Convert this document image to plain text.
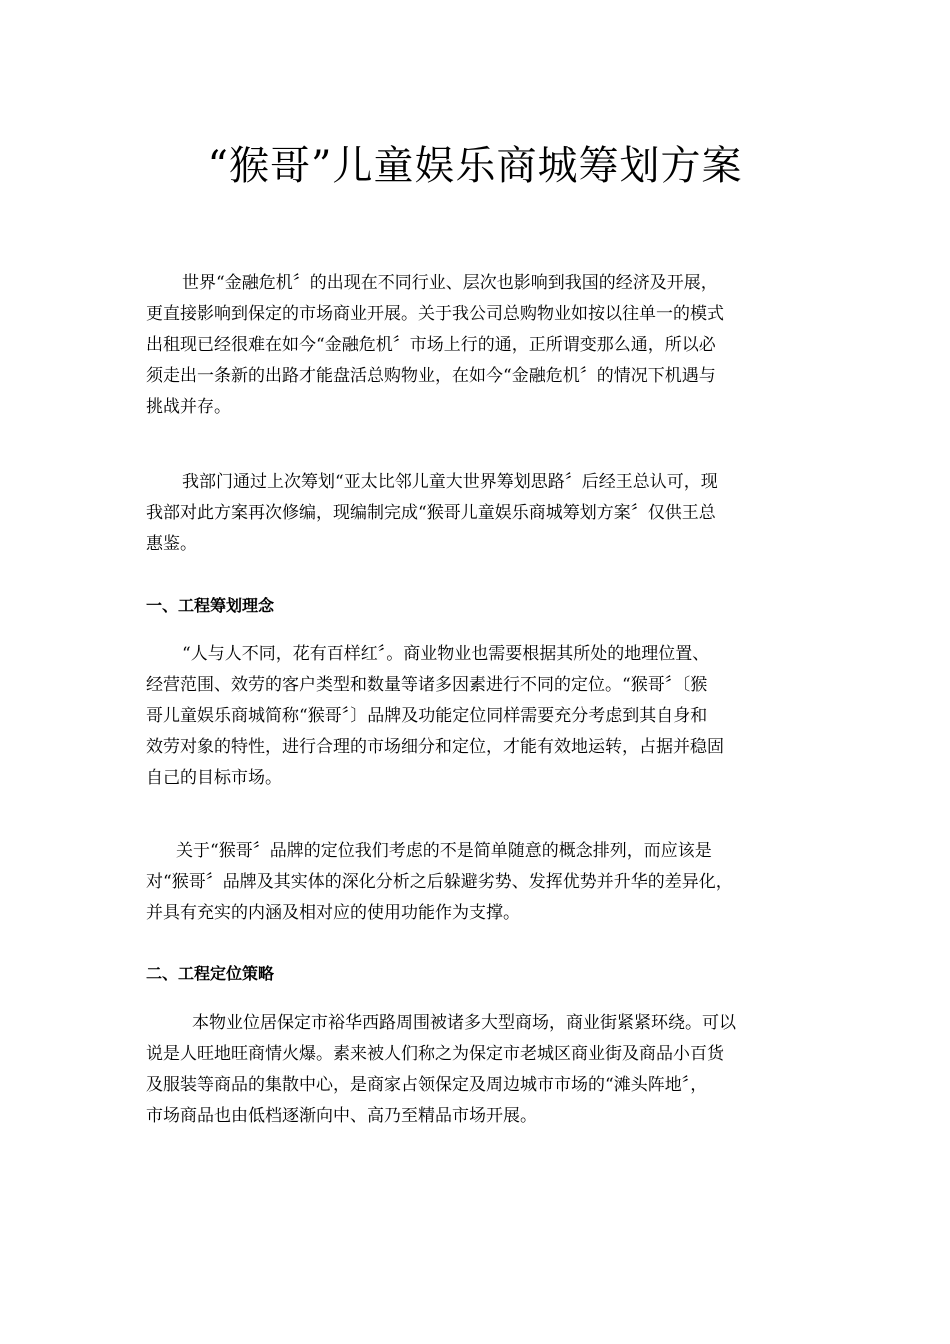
“猴哥”儿童娱乐商城筹划方案
世界“金融危机〞的出现在不同行业、层次也影响到我国的经济及开展，
更直接影响到保定的市场商业开展。关于我公司总购物业如按以往单一的模式
出租现已经很难在如今“金融危机〞市场上行的通，正所谓变那么通，所以必
须走出一条新的出路才能盘活总购物业，在如今“金融危机〞的情况下机遇与
挑战并存。
我部门通过上次筹划“亚太比邻儿童大世界筹划思路〞后经王总认可，现
我部对此方案再次修编，现编制完成“猴哥儿童娱乐商城筹划方案〞仅供王总
惠鉴。
一、工程筹划理念
“人与人不同，花有百样红〞。商业物业也需要根据其所处的地理位置、
经营范围、效劳的客户类型和数量等诸多因素进行不同的定位。“猴哥〞〔猴
哥儿童娱乐商城简称“猴哥〞〕品牌及功能定位同样需要充分考虑到其自身和
效劳对象的特性，进行合理的市场细分和定位，才能有效地运转，占据并稳固
自己的目标市场。
关于“猴哥〞品牌的定位我们考虑的不是简单随意的概念排列，而应该是
对“猴哥〞品牌及其实体的深化分析之后躲避劣势、发挥优势并升华的差异化，
并具有充实的内涵及相对应的使用功能作为支撑。
二、工程定位策略
本物业位居保定市裕华西路周围被诸多大型商场，商业街紧紧环绕。可以
说是人旺地旺商情火爆。素来被人们称之为保定市老城区商业街及商品小百货
及服装等商品的集散中心，是商家占领保定及周边城市市场的“滩头阵地〞，
市场商品也由低档逐渐向中、高乃至精品市场开展。
